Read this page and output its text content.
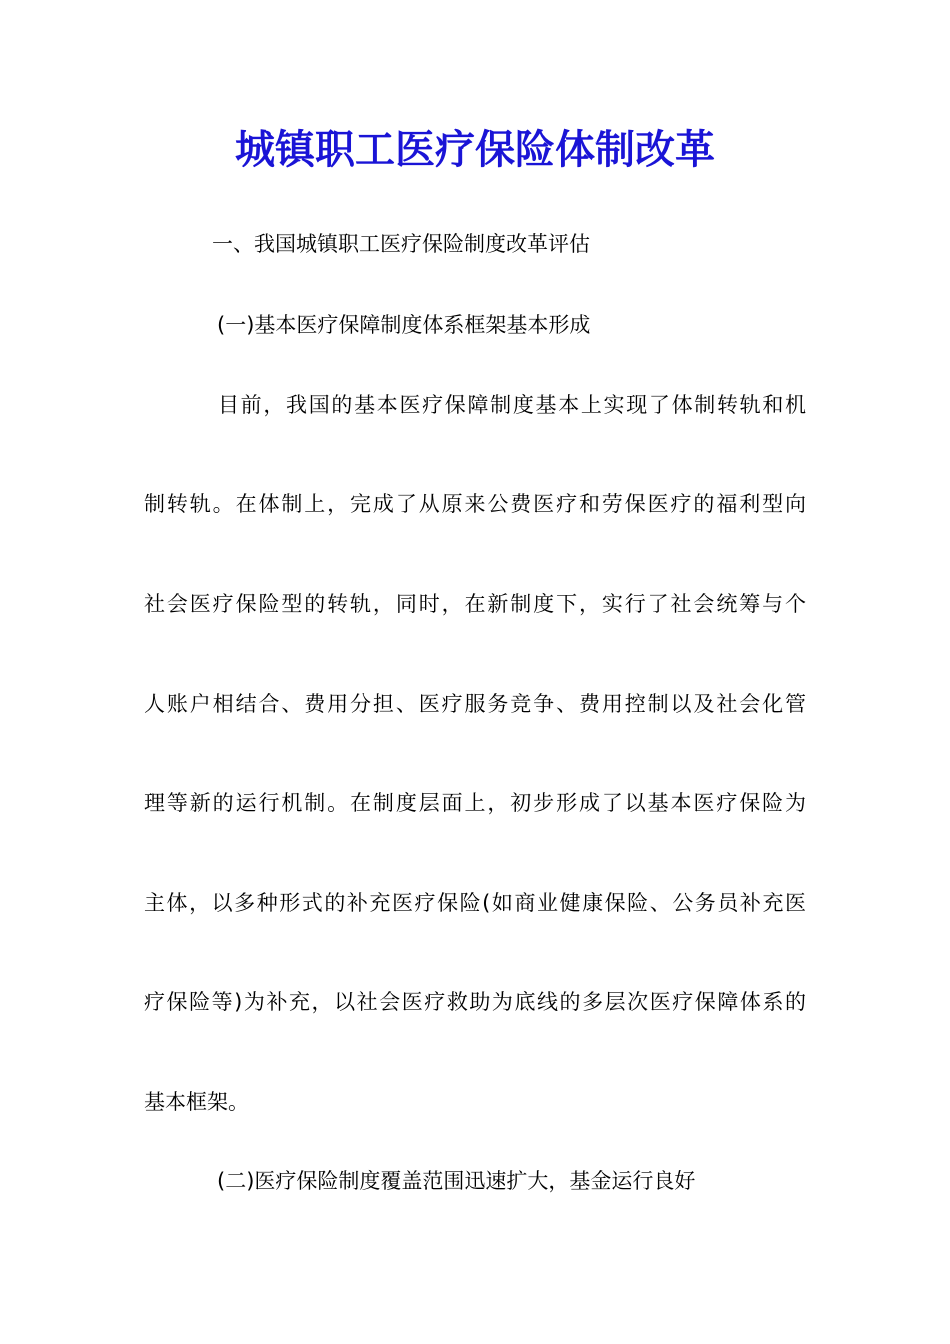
城镇职工医疗保险体制改革
一、我国城镇职工医疗保险制度改革评估
(一)基本医疗保障制度体系框架基本形成
目前，我国的基本医疗保障制度基本上实现了体制转轨和机
制转轨。在体制上，完成了从原来公费医疗和劳保医疗的福利型向
社会医疗保险型的转轨，同时，在新制度下，实行了社会统筹与个
人账户相结合、费用分担、医疗服务竞争、费用控制以及社会化管
理等新的运行机制。在制度层面上，初步形成了以基本医疗保险为
主体，以多种形式的补充医疗保险(如商业健康保险、公务员补充医
疗保险等)为补充，以社会医疗救助为底线的多层次医疗保障体系的
基本框架。
(二)医疗保险制度覆盖范围迅速扩大，基金运行良好
